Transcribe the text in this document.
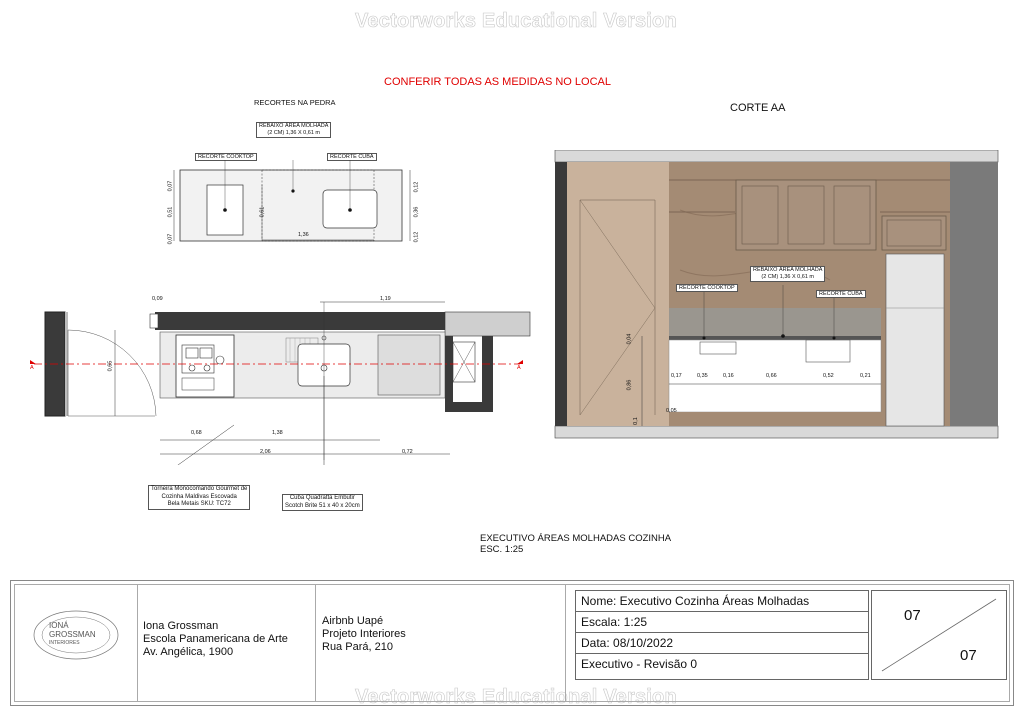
Vectorworks Educational Version
Vectorworks Educational Version
CONFERIR TODAS AS MEDIDAS NO LOCAL
RECORTES NA PEDRA
REBAIXO ÁREA MOLHADA
(2 CM) 1,36 X 0,61 m
RECORTE COOKTOP	RECORTE CUBA
0,07
0,51
0,07
0,61
0,12
0,36
0,12
1,36
0,09	1,19
0,65
0,68	1,38
2,06	0,72
A	A
Torneira Monocomando Gourmet de
Cozinha Maldivas Escovada
Bela Metais SKU: TC72
Cuba Quadratta Embutir
Scotch Brite 51 x 40 x 20cm
CORTE AA
REBAIXO ÁREA MOLHADA
(2 CM) 1,36 X 0,61 m
RECORTE COOKTOP
RECORTE CUBA
0,17	0,35	0,16	0,66	0,52	0,21
0,04
0,86
0,05
0,1
EXECUTIVO ÁREAS MOLHADAS COZINHA
ESC. 1:25
IONÁ
GROSSMAN
INTERIORES
Iona Grossman
Escola Panamericana de Arte
Av. Angélica, 1900
Airbnb Uapé
Projeto Interiores
Rua Pará, 210
Nome: Executivo Cozinha Áreas Molhadas
Escala: 1:25
Data: 08/10/2022
Executivo - Revisão 0
07
07
